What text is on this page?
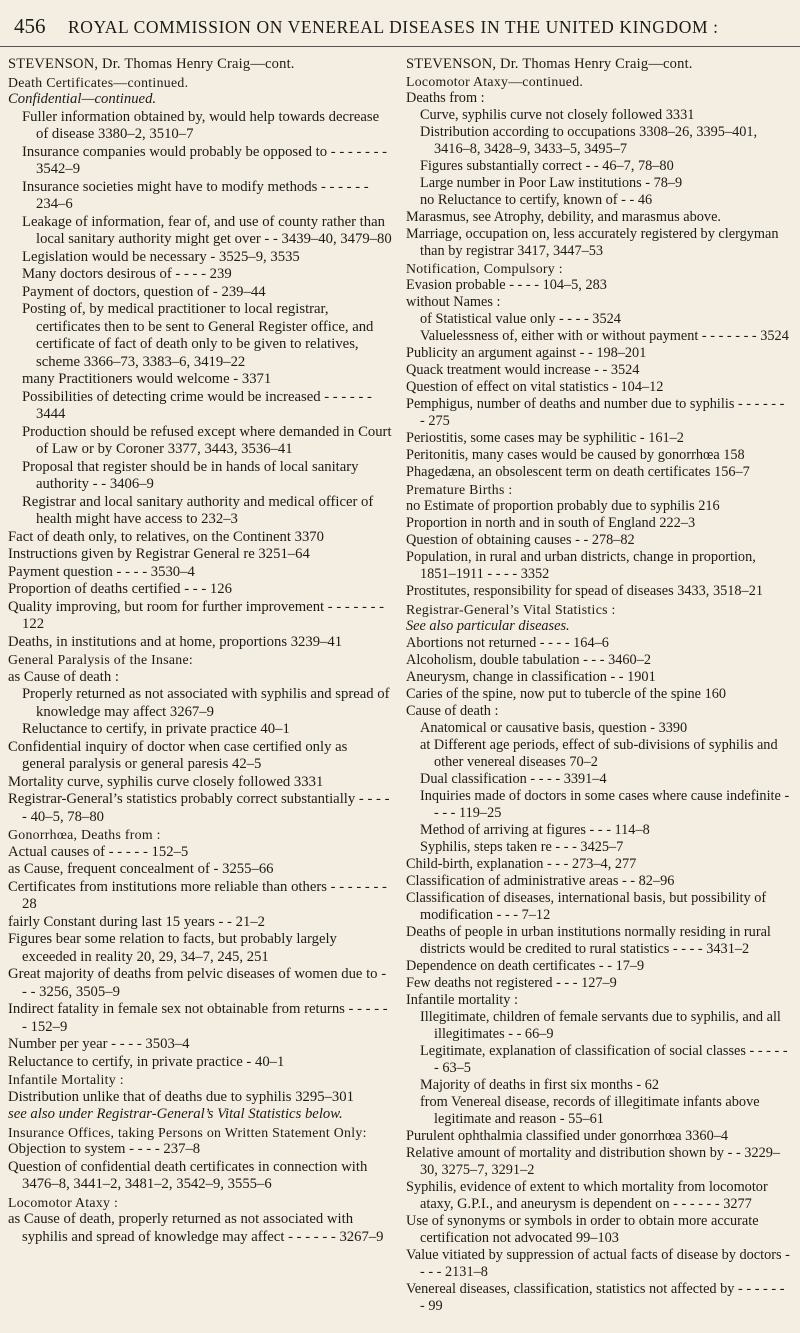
456 ROYAL COMMISSION ON VENEREAL DISEASES IN THE UNITED KINGDOM :

STEVENSON, Dr. Thomas Henry Craig—cont.

Death Certificates—continued.

Confidential—continued.

Fuller information obtained by, would help towards decrease of disease 3380–2, 3510–7

Insurance companies would probably be opposed to - - - - - - - 3542–9

Insurance societies might have to modify methods - - - - - - 234–6

Leakage of information, fear of, and use of county rather than local sanitary authority might get over - - 3439–40, 3479–80

Legislation would be necessary - 3525–9, 3535

Many doctors desirous of - - - - 239

Payment of doctors, question of - 239–44

Posting of, by medical practitioner to local registrar, certificates then to be sent to General Register office, and certificate of fact of death only to be given to relatives, scheme 3366–73, 3383–6, 3419–22

many Practitioners would welcome - 3371

Possibilities of detecting crime would be increased - - - - - - 3444

Production should be refused except where demanded in Court of Law or by Coroner 3377, 3443, 3536–41

Proposal that register should be in hands of local sanitary authority - - 3406–9

Registrar and local sanitary authority and medical officer of health might have access to 232–3

Fact of death only, to relatives, on the Continent 3370

Instructions given by Registrar General re 3251–64

Payment question - - - - 3530–4

Proportion of deaths certified - - - 126

Quality improving, but room for further improvement - - - - - - - 122

Deaths, in institutions and at home, proportions 3239–41

General Paralysis of the Insane:

as Cause of death :

Properly returned as not associated with syphilis and spread of knowledge may affect 3267–9

Reluctance to certify, in private practice 40–1

Confidential inquiry of doctor when case certified only as general paralysis or general paresis 42–5

Mortality curve, syphilis curve closely followed 3331

Registrar-General’s statistics probably correct substantially - - - - - 40–5, 78–80

Gonorrhœa, Deaths from :

Actual causes of - - - - - 152–5

as Cause, frequent concealment of - 3255–66

Certificates from institutions more reliable than others - - - - - - - 28

fairly Constant during last 15 years - - 21–2

Figures bear some relation to facts, but probably largely exceeded in reality 20, 29, 34–7, 245, 251

Great majority of deaths from pelvic diseases of women due to - - - 3256, 3505–9

Indirect fatality in female sex not obtainable from returns - - - - - - 152–9

Number per year - - - - 3503–4

Reluctance to certify, in private practice - 40–1

Infantile Mortality :

Distribution unlike that of deaths due to syphilis 3295–301

see also under Registrar-General’s Vital Statistics below.

Insurance Offices, taking Persons on Written Statement Only:

Objection to system - - - - 237–8

Question of confidential death certificates in connection with 3476–8, 3441–2, 3481–2, 3542–9, 3555–6

Locomotor Ataxy :

as Cause of death, properly returned as not associated with syphilis and spread of knowledge may affect - - - - - - 3267–9

STEVENSON, Dr. Thomas Henry Craig—cont.

Locomotor Ataxy—continued.

Deaths from :

Curve, syphilis curve not closely followed 3331

Distribution according to occupations 3308–26, 3395–401, 3416–8, 3428–9, 3433–5, 3495–7

Figures substantially correct - - 46–7, 78–80

Large number in Poor Law institutions - 78–9

no Reluctance to certify, known of - - 46

Marasmus, see Atrophy, debility, and marasmus above.

Marriage, occupation on, less accurately registered by clergyman than by registrar 3417, 3447–53

Notification, Compulsory :

Evasion probable - - - - 104–5, 283

without Names :

of Statistical value only - - - - 3524

Valuelessness of, either with or without payment - - - - - - - 3524

Publicity an argument against - - 198–201

Quack treatment would increase - - 3524

Question of effect on vital statistics - 104–12

Pemphigus, number of deaths and number due to syphilis - - - - - - - 275

Periostitis, some cases may be syphilitic - 161–2

Peritonitis, many cases would be caused by gonorrhœa 158

Phagedæna, an obsolescent term on death certificates 156–7

Premature Births :

no Estimate of proportion probably due to syphilis 216

Proportion in north and in south of England 222–3

Question of obtaining causes - - 278–82

Population, in rural and urban districts, change in proportion, 1851–1911 - - - - 3352

Prostitutes, responsibility for spead of diseases 3433, 3518–21

Registrar-General’s Vital Statistics :

See also particular diseases.

Abortions not returned - - - - 164–6

Alcoholism, double tabulation - - - 3460–2

Aneurysm, change in classification - - 1901

Caries of the spine, now put to tubercle of the spine 160

Cause of death :

Anatomical or causative basis, question - 3390

at Different age periods, effect of sub-divisions of syphilis and other venereal diseases 70–2

Dual classification - - - - 3391–4

Inquiries made of doctors in some cases where cause indefinite - - - - 119–25

Method of arriving at figures - - - 114–8

Syphilis, steps taken re - - - 3425–7

Child-birth, explanation - - - 273–4, 277

Classification of administrative areas - - 82–96

Classification of diseases, international basis, but possibility of modification - - - 7–12

Deaths of people in urban institutions normally residing in rural districts would be credited to rural statistics - - - - 3431–2

Dependence on death certificates - - 17–9

Few deaths not registered - - - 127–9

Infantile mortality :

Illegitimate, children of female servants due to syphilis, and all illegitimates - - 66–9

Legitimate, explanation of classification of social classes - - - - - - 63–5

Majority of deaths in first six months - 62

from Venereal disease, records of illegitimate infants above legitimate and reason - 55–61

Purulent ophthalmia classified under gonorrhœa 3360–4

Relative amount of mortality and distribution shown by - - 3229–30, 3275–7, 3291–2

Syphilis, evidence of extent to which mortality from locomotor ataxy, G.P.I., and aneurysm is dependent on - - - - - - 3277

Use of synonyms or symbols in order to obtain more accurate certification not advocated 99–103

Value vitiated by suppression of actual facts of disease by doctors - - - - 2131–8

Venereal diseases, classification, statistics not affected by - - - - - - - 99
